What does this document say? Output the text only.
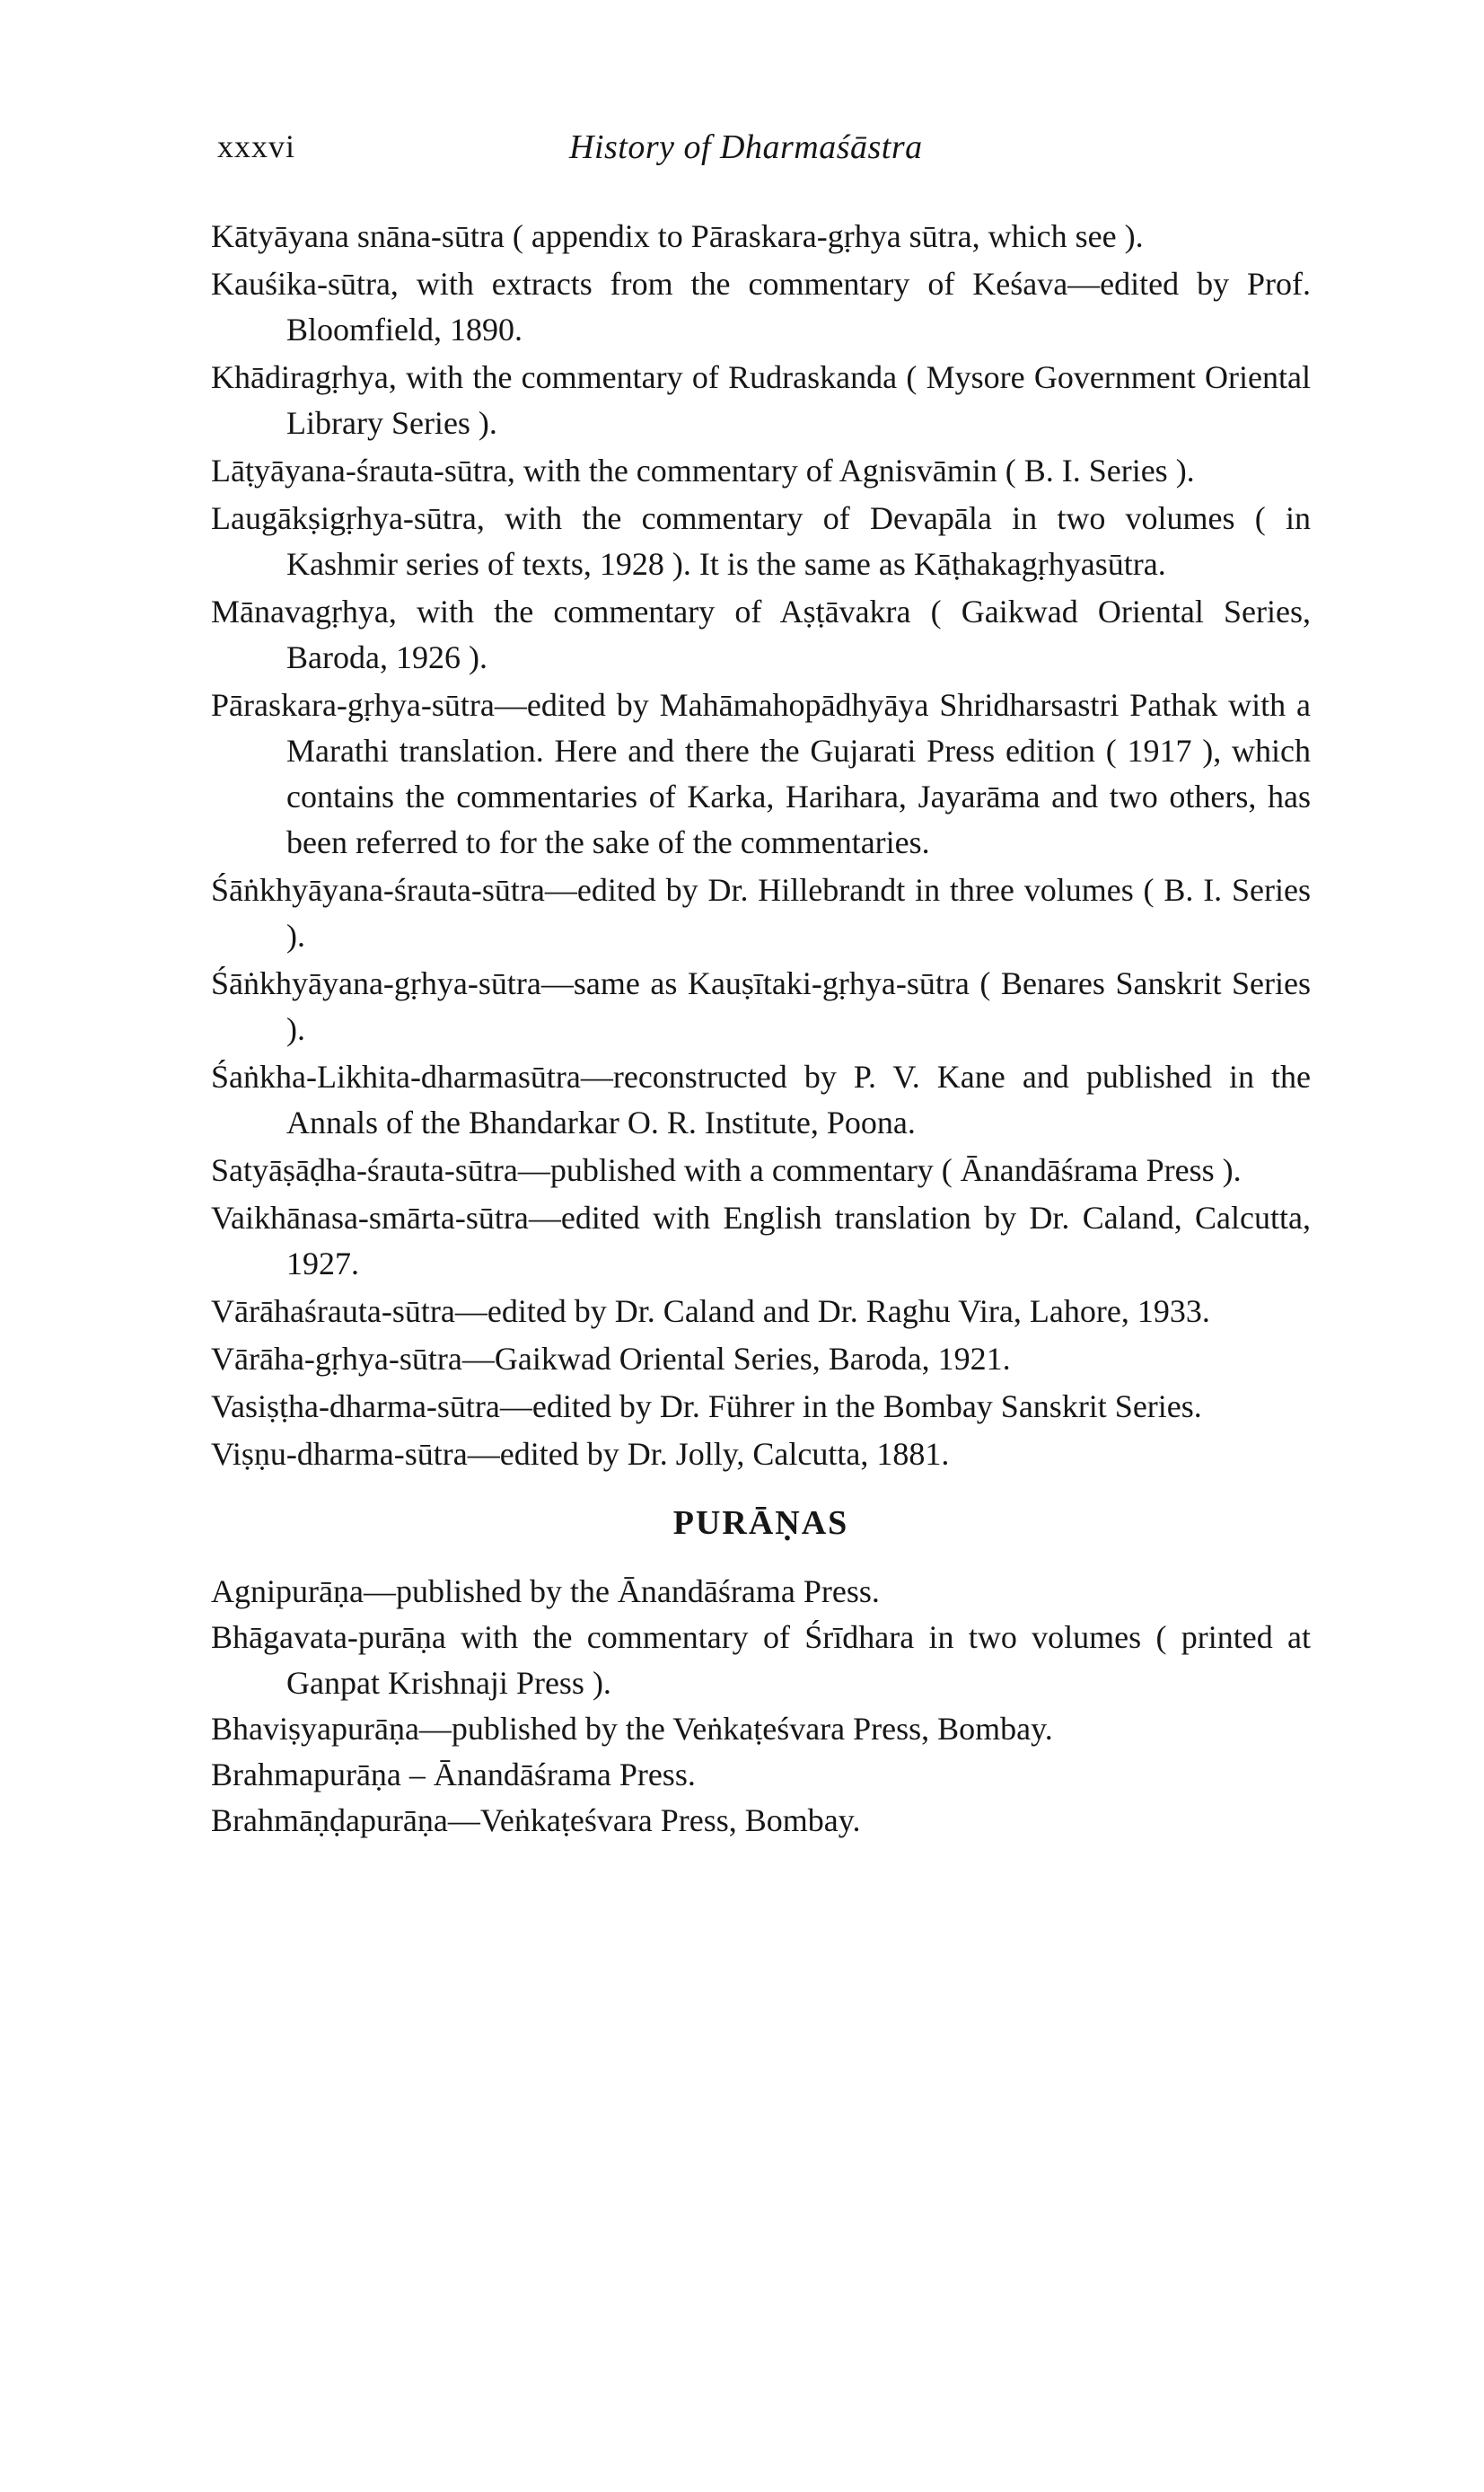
xxxvi	History of Dharmaśāstra

Kātyāyana snāna-sūtra ( appendix to Pāraskara-gṛhya sūtra, which see ).

Kauśika-sūtra, with extracts from the commentary of Keśava—edited by Prof. Bloomfield, 1890.

Khādiragṛhya, with the commentary of Rudraskanda ( Mysore Government Oriental Library Series ).

Lāṭyāyana-śrauta-sūtra, with the commentary of Agnisvāmin ( B. I. Series ).

Laugākṣigṛhya-sūtra, with the commentary of Devapāla in two volumes ( in Kashmir series of texts, 1928 ). It is the same as Kāṭhakagṛhyasūtra.

Mānavagṛhya, with the commentary of Aṣṭāvakra ( Gaikwad Oriental Series, Baroda, 1926 ).

Pāraskara-gṛhya-sūtra—edited by Mahāmahopādhyāya Shridharsastri Pathak with a Marathi translation. Here and there the Gujarati Press edition ( 1917 ), which contains the commentaries of Karka, Harihara, Jayarāma and two others, has been referred to for the sake of the commentaries.

Śāṅkhyāyana-śrauta-sūtra—edited by Dr. Hillebrandt in three volumes ( B. I. Series ).

Śāṅkhyāyana-gṛhya-sūtra—same as Kauṣītaki-gṛhya-sūtra ( Benares Sanskrit Series ).

Śaṅkha-Likhita-dharmasūtra—reconstructed by P. V. Kane and published in the Annals of the Bhandarkar O. R. Institute, Poona.

Satyāṣāḍha-śrauta-sūtra—published with a commentary ( Ānandāśrama Press ).

Vaikhānasa-smārta-sūtra—edited with English translation by Dr. Caland, Calcutta, 1927.

Vārāhaśrauta-sūtra—edited by Dr. Caland and Dr. Raghu Vira, Lahore, 1933.

Vārāha-gṛhya-sūtra—Gaikwad Oriental Series, Baroda, 1921.

Vasiṣṭha-dharma-sūtra—edited by Dr. Führer in the Bombay Sanskrit Series.

Viṣṇu-dharma-sūtra—edited by Dr. Jolly, Calcutta, 1881.

PURĀṆAS

Agnipurāṇa—published by the Ānandāśrama Press.

Bhāgavata-purāṇa with the commentary of Śrīdhara in two volumes ( printed at Ganpat Krishnaji Press ).

Bhaviṣyapurāṇa—published by the Veṅkaṭeśvara Press, Bombay.

Brahmapurāṇa – Ānandāśrama Press.

Brahmāṇḍapurāṇa—Veṅkaṭeśvara Press, Bombay.
